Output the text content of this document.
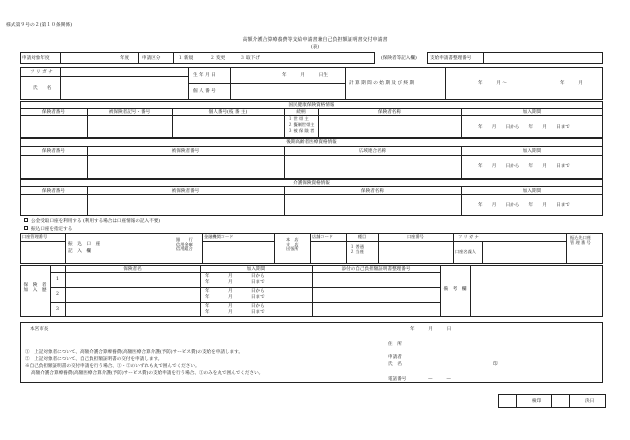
様式第９号の２(第１０条関係)
高額介護合算療養費等支給申請書兼自己負担額証明書交付申請書
(表)
申請対象年度	年度	申請区分	１ 新規	２ 変更	３ 取下げ	(保険者等記入欄)	支給申請書整理番号
フ リ ガ ナ
氏　　名
生 年 月 日	年　　　月　　　日生
個 人 番 号
計 算 期 間 の 始 期 及 び 終 期	年　　　月 〜	年　　　月
国民健康保険資格情報
保険者番号	被保険者記号・番号	個人番号(枝 番 主)	続柄	保険者名称	加入期間
１ 世 帯 主
２ 擬制世帯主
３ 被 保 険 者
年　　月　　日から　　年　　月　　日まで
後期高齢者医療資格情報
保険者番号	被保険者番号	広域連合名称	加入期間
年　　月　　日から　　年　　月　　日まで
介護保険資格情報
保険者番号	被保険者番号	保険者名称	加入期間
年　　月　　日から　　年　　月　　日まで
公金受取口座を利用する (利用する場合は口座情報の記入不要)
振込口座を指定する
口座管理番号
振　込　口　座
記　入　欄
銀　　行
信用金庫
信用組合
金融機関コード
本　店
支　店
出張所
店舗コード	種目
１ 普通
２ 当座
口座番号	フ リ ガ ナ
口座名義人
振込先口座
管 理 番 号
保　険　者
加　入　歴
保険者名	加入期間	添付の自己負担額証明書整理番号
備　考　欄
1
年　　　　月　　　　日から
年　　　　月　　　　日まで
2
年　　　　月　　　　日から
年　　　　月　　　　日まで
3
年　　　　月　　　　日から
年　　　　月　　　　日まで
本宮市長	年　　　月　　　日
①　上記対象者について、高額介護合算療養費(高額医療合算介護(予防)サービス費)の支給を申請します。
②　上記対象者について、自己負担額証明書の交付を申請します。
※自己負担額証明書の交付申請を行う場合、①・②のいずれも丸で囲んでください。
高額介護合算療養費(高額医療合算介護(予防)サービス費)の支給申請を行う場合、①のみを丸で囲んでください。
住　所
申請者
氏　名	印
電話番号	—　　　—
検印	決日
